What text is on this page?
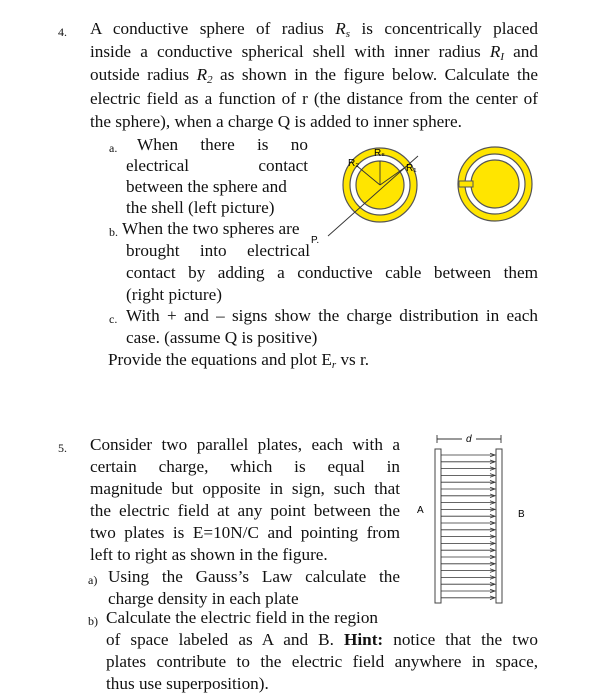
4. A conductive sphere of radius $R_s$ is concentrically placed
inside a conductive spherical shell with inner radius $R_I$ and
outside radius $R_2$ as shown in the figure below. Calculate the
electric field as a function of r (the distance from the center of
the sphere), when a charge Q is added to inner sphere.
a. When there is no
electrical contact
between the sphere and
the shell (left picture)
b. When the two spheres are
brought into electrical
contact by adding a conductive cable between them
(right picture)
c. With + and – signs show the charge distribution in each
case. (assume Q is positive)
Provide the equations and plot $E_r$ vs r.
R₂
Rₛ
R₁
P.
5. Consider two parallel plates, each with a
certain charge, which is equal in
magnitude but opposite in sign, such that
the electric field at any point between the
two plates is E=10N/C and pointing from
left to right as shown in the figure.
a) Using the Gauss’s Law calculate the
charge density in each plate
b) Calculate the electric field in the region
of space labeled as A and B. Hint: notice that the two
plates contribute to the electric field anywhere in space,
thus use superposition).
d
A	B
